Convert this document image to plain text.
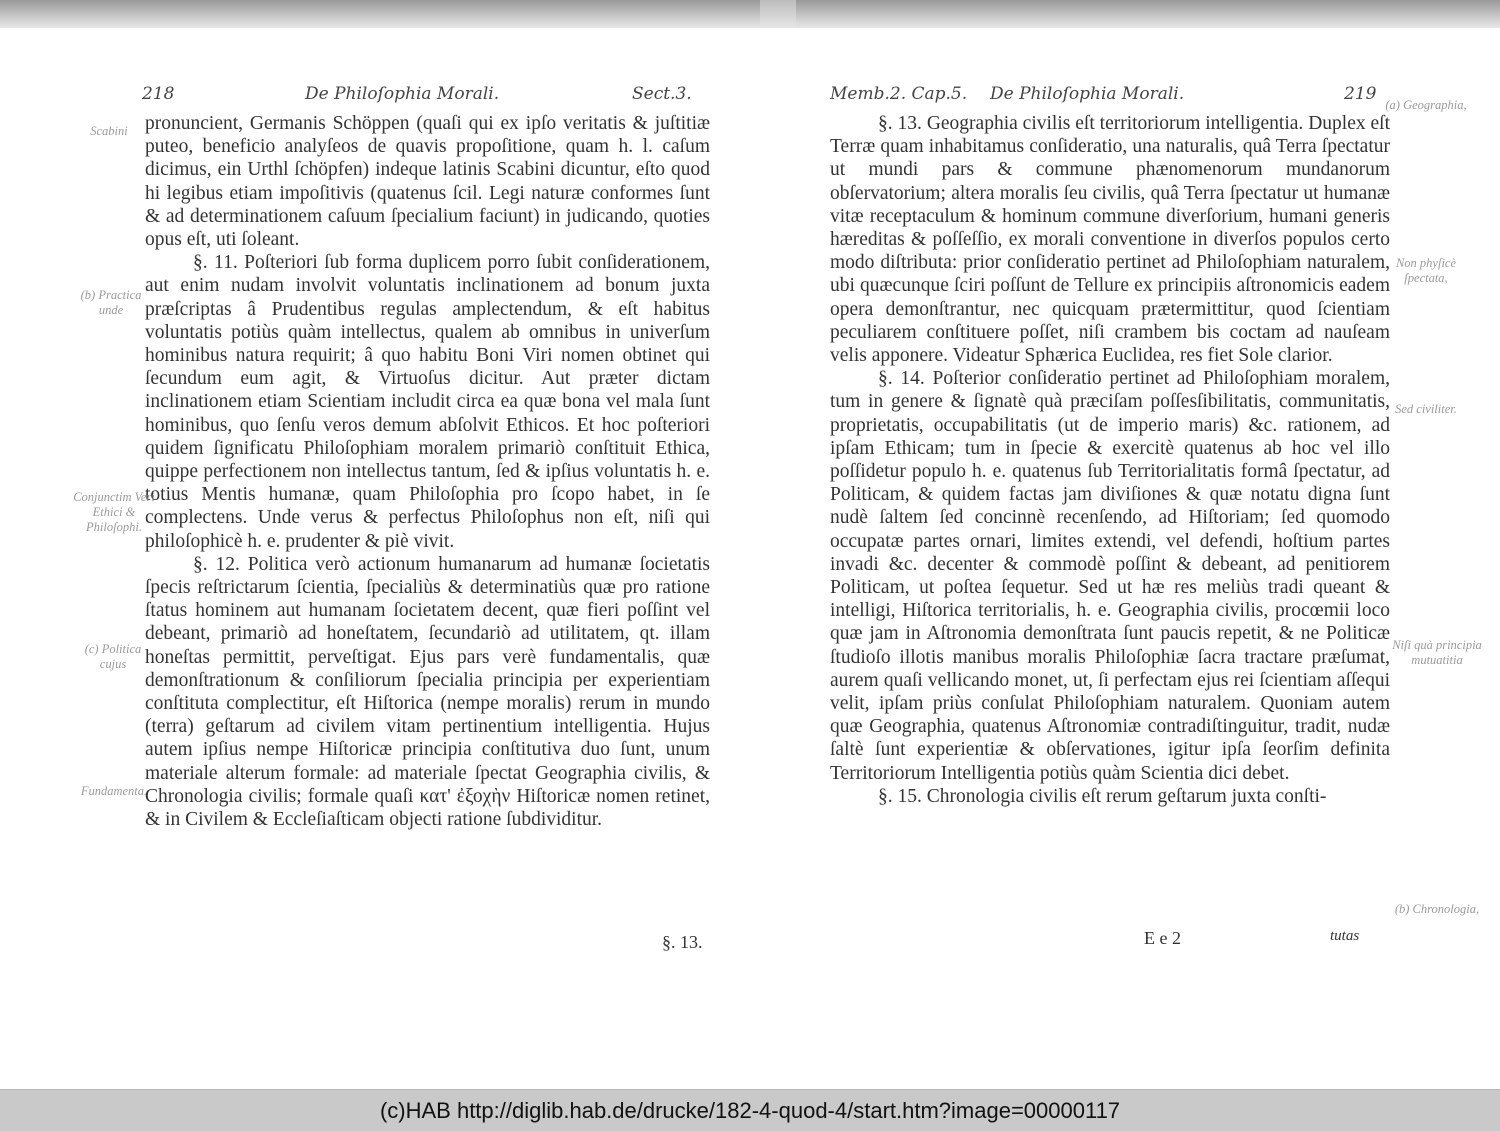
218	De Philoſophia Morali.	Sect.3.

pronuncient, Germanis Schöppen (quaſi qui ex ipſo veritatis & juſtitiæ puteo, beneficio analyſeos de quavis propoſitione, quam h. l. caſum dicimus, ein Urthl ſchöpfen) indeque latinis Scabini dicuntur, eſto quod hi legibus etiam impoſitivis (quatenus ſcil. Legi naturæ conformes ſunt & ad determinationem caſuum ſpecialium faciunt) in judicando, quoties opus eſt, uti ſoleant.

§. 11. Poſteriori ſub forma duplicem porro ſubit conſiderationem, aut enim nudam involvit voluntatis inclinationem ad bonum juxta præſcriptas â Prudentibus regulas amplectendum, & eſt habitus voluntatis potiùs quàm intellectus, qualem ab omnibus in univerſum hominibus natura requirit; â quo habitu Boni Viri nomen obtinet qui ſecundum eum agit, & Virtuoſus dicitur. Aut præter dictam inclinationem etiam Scientiam includit circa ea quæ bona vel mala ſunt hominibus, quo ſenſu veros demum abſolvit Ethicos. Et hoc poſteriori quidem ſignificatu Philoſophiam moralem primariò conſtituit Ethica, quippe perfectionem non intellectus tantum, ſed & ipſius voluntatis h. e. totius Mentis humanæ, quam Philoſophia pro ſcopo habet, in ſe complectens. Unde verus & perfectus Philoſophus non eſt, niſi qui philoſophicè h. e. prudenter & piè vivit.

§. 12. Politica verò actionum humanarum ad humanæ ſocietatis ſpecis reſtrictarum ſcientia, ſpecialiùs & determinatiùs quæ pro ratione ſtatus hominem aut humanam ſocietatem decent, quæ fieri poſſint vel debeant, primariò ad honeſtatem, ſecundariò ad utilitatem, qt. illam honeſtas permittit, perveſtigat. Ejus pars verè fundamentalis, quæ demonſtrationum & conſiliorum ſpecialia principia per experientiam conſtituta complectitur, eſt Hiſtorica (nempe moralis) rerum in mundo (terra) geſtarum ad civilem vitam pertinentium intelligentia. Hujus autem ipſius nempe Hiſtoricæ principia conſtitutiva duo ſunt, unum materiale alterum formale: ad materiale ſpectat Geographia civilis, & Chronologia civilis; formale quaſi κατ' ἐξοχὴν Hiſtoricæ nomen retinet, & in Civilem & Eccleſiaſticam objecti ratione ſubdividitur.

§. 13.
Scabini
(b) Practica unde
Conjunctim Veri Ethici & Philoſophi.
(c) Politica cujus
Fundamenta.
Memb.2. Cap.5. De Philoſophia Morali.	219

§. 13. Geographia civilis eſt territoriorum intelligentia. Duplex eſt Terræ quam inhabitamus conſideratio, una naturalis, quâ Terra ſpectatur ut mundi pars & commune phænomenorum mundanorum obſervatorium; altera moralis ſeu civilis, quâ Terra ſpectatur ut humanæ vitæ receptaculum & hominum commune diverſorium, humani generis hæreditas & poſſeſſio, ex morali conventione in diverſos populos certo modo diſtributa: prior conſideratio pertinet ad Philoſophiam naturalem, ubi quæcunque ſciri poſſunt de Tellure ex principiis aſtronomicis eadem opera demonſtrantur, nec quicquam prætermittitur, quod ſcientiam peculiarem conſtituere poſſet, niſi crambem bis coctam ad nauſeam velis apponere. Videatur Sphærica Euclidea, res fiet Sole clarior.

§. 14. Poſterior conſideratio pertinet ad Philoſophiam moralem, tum in genere & ſignatè quà præciſam poſſesſibilitatis, communitatis, proprietatis, occupabilitatis (ut de imperio maris) &c. rationem, ad ipſam Ethicam; tum in ſpecie & exercitè quatenus ab hoc vel illo poſſidetur populo h. e. quatenus ſub Territorialitatis formâ ſpectatur, ad Politicam, & quidem factas jam diviſiones & quæ notatu digna ſunt nudè ſaltem ſed concinnè recenſendo, ad Hiſtoriam; ſed quomodo occupatæ partes ornari, limites extendi, vel defendi, hoſtium partes invadi &c. decenter & commodè poſſint & debeant, ad penitiorem Politicam, ut poſtea ſequetur. Sed ut hæ res meliùs tradi queant & intelligi, Hiſtorica territorialis, h. e. Geographia civilis, procœmii loco quæ jam in Aſtronomia demonſtrata ſunt paucis repetit, & ne Politicæ ſtudioſo illotis manibus moralis Philoſophiæ ſacra tractare præſumat, aurem quaſi vellicando monet, ut, ſi perfectam ejus rei ſcientiam aſſequi velit, ipſam priùs conſulat Philoſophiam naturalem. Quoniam autem quæ Geographia, quatenus Aſtronomiæ contradiſtinguitur, tradit, nudæ ſaltè ſunt experientiæ & obſervationes, igitur ipſa ſeorſim definita Territoriorum Intelligentia potiùs quàm Scientia dici debet.

§. 15. Chronologia civilis eſt rerum geſtarum juxta conſti-

E e 2	tutas
(a) Geographia,
Non phyſicè ſpectata,
Sed civiliter.
Niſi quà principia mutuatitia
(b) Chronologia,
(c)HAB http://diglib.hab.de/drucke/182-4-quod-4/start.htm?image=00000117
